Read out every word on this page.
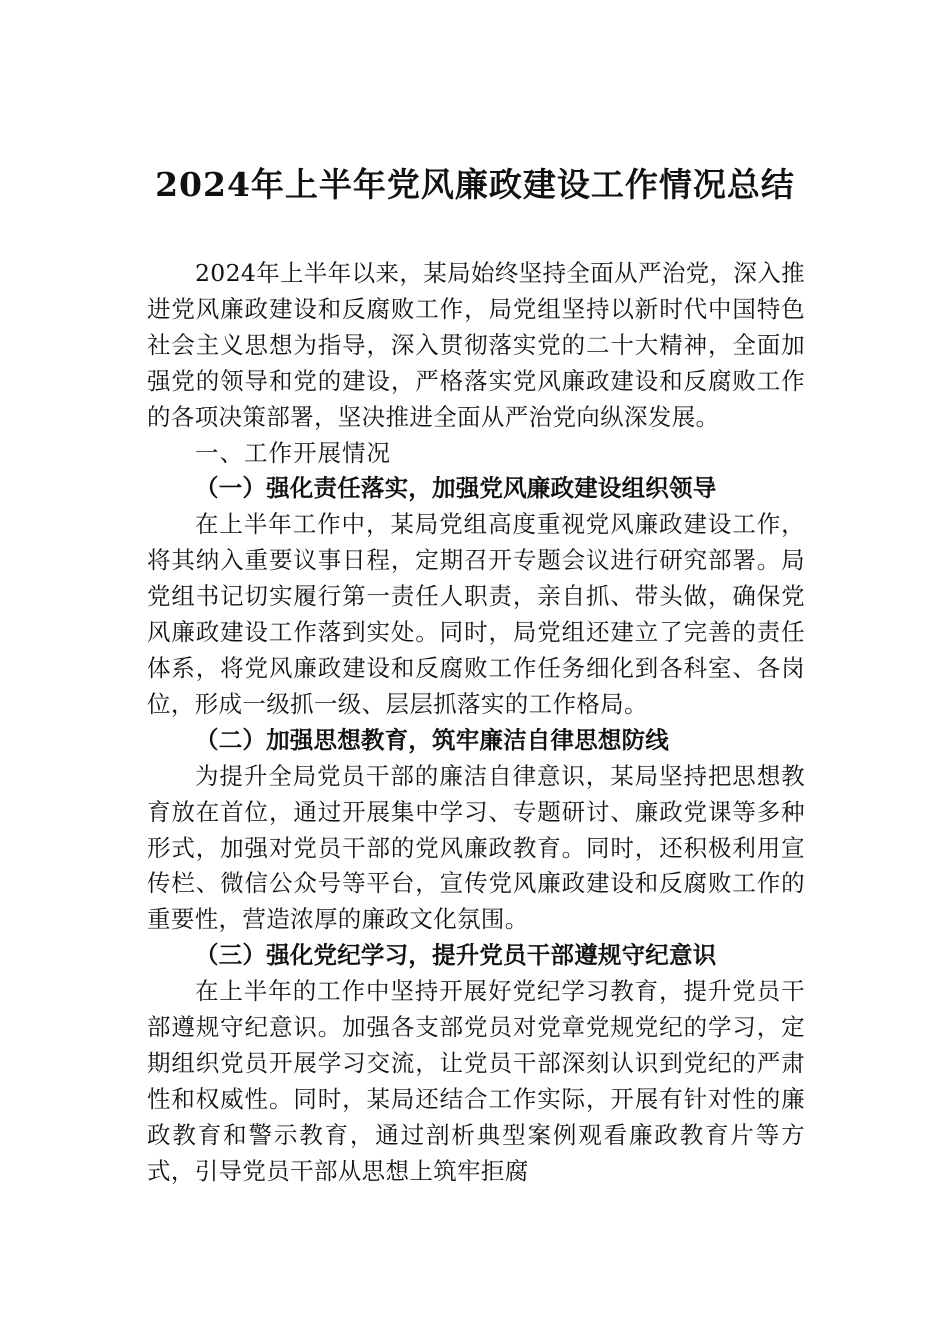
2024年上半年党风廉政建设工作情况总结

2024年上半年以来，某局始终坚持全面从严治党，深入推进党风廉政建设和反腐败工作，局党组坚持以新时代中国特色社会主义思想为指导，深入贯彻落实党的二十大精神，全面加强党的领导和党的建设，严格落实党风廉政建设和反腐败工作的各项决策部署，坚决推进全面从严治党向纵深发展。

一、工作开展情况

（一）强化责任落实，加强党风廉政建设组织领导

在上半年工作中，某局党组高度重视党风廉政建设工作，将其纳入重要议事日程，定期召开专题会议进行研究部署。局党组书记切实履行第一责任人职责，亲自抓、带头做，确保党风廉政建设工作落到实处。同时，局党组还建立了完善的责任体系，将党风廉政建设和反腐败工作任务细化到各科室、各岗位，形成一级抓一级、层层抓落实的工作格局。

（二）加强思想教育，筑牢廉洁自律思想防线

为提升全局党员干部的廉洁自律意识，某局坚持把思想教育放在首位，通过开展集中学习、专题研讨、廉政党课等多种形式，加强对党员干部的党风廉政教育。同时，还积极利用宣传栏、微信公众号等平台，宣传党风廉政建设和反腐败工作的重要性，营造浓厚的廉政文化氛围。

（三）强化党纪学习，提升党员干部遵规守纪意识

在上半年的工作中坚持开展好党纪学习教育，提升党员干部遵规守纪意识。加强各支部党员对党章党规党纪的学习，定期组织党员开展学习交流，让党员干部深刻认识到党纪的严肃性和权威性。同时，某局还结合工作实际，开展有针对性的廉政教育和警示教育，通过剖析典型案例观看廉政教育片等方式，引导党员干部从思想上筑牢拒腐
